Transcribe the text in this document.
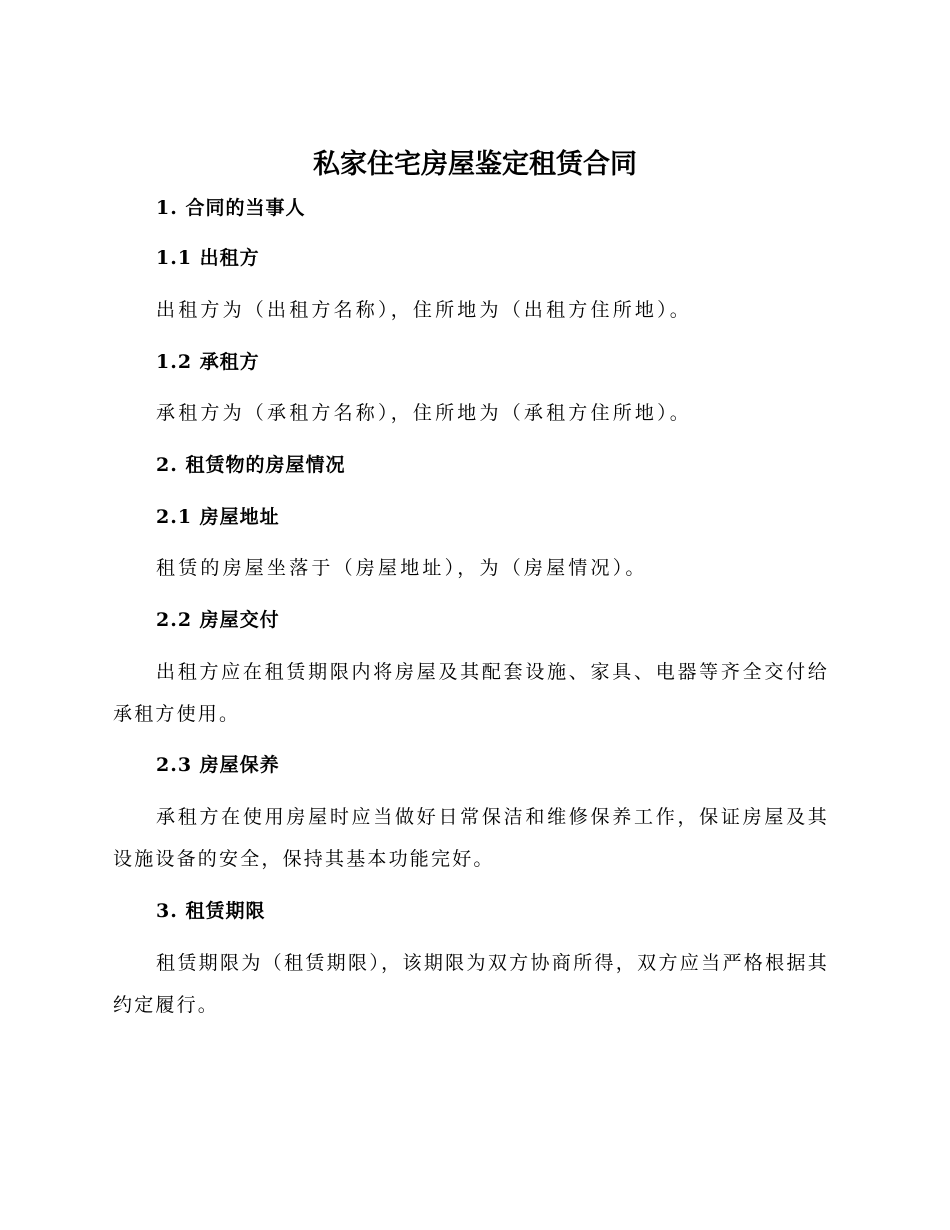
私家住宅房屋鉴定租赁合同
1. 合同的当事人
1.1 出租方
出租方为（出租方名称），住所地为（出租方住所地）。
1.2 承租方
承租方为（承租方名称），住所地为（承租方住所地）。
2. 租赁物的房屋情况
2.1 房屋地址
租赁的房屋坐落于（房屋地址），为（房屋情况）。
2.2 房屋交付
出租方应在租赁期限内将房屋及其配套设施、家具、电器等齐全交付给承租方使用。
2.3 房屋保养
承租方在使用房屋时应当做好日常保洁和维修保养工作，保证房屋及其设施设备的安全，保持其基本功能完好。
3. 租赁期限
租赁期限为（租赁期限），该期限为双方协商所得，双方应当严格根据其约定履行。
